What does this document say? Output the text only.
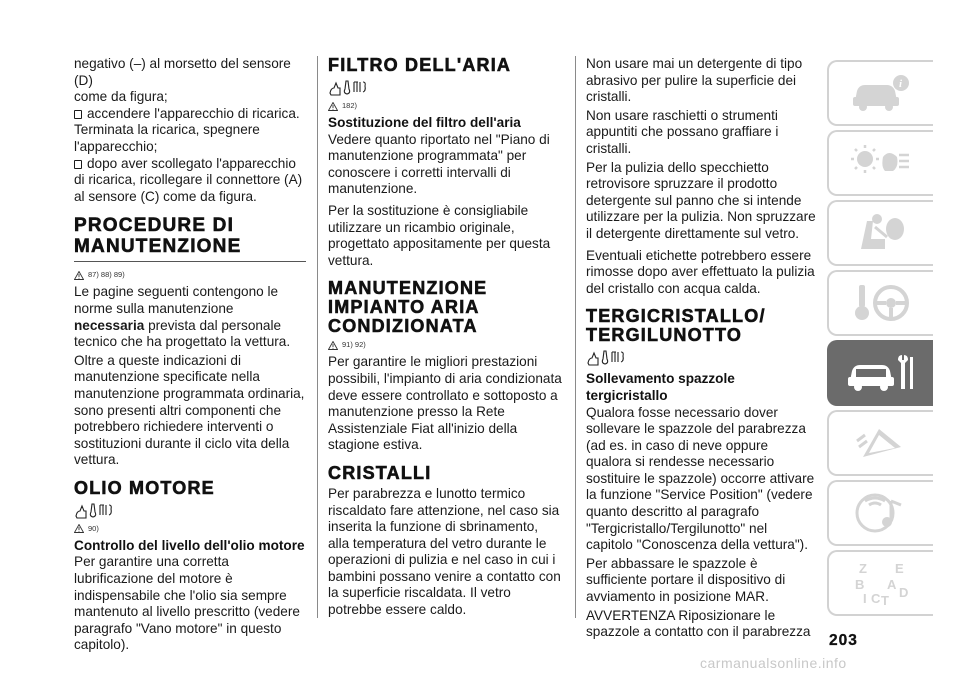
negativo (–) al morsetto del sensore (D)
come da figura;
accendere l'apparecchio di ricarica.
Terminata la ricarica, spegnere l'apparecchio;
dopo aver scollegato l'apparecchio
di ricarica, ricollegare il connettore (A) al sensore (C) come da figura.

PROCEDURE DI
MANUTENZIONE
87) 88) 89)

Le pagine seguenti contengono le norme sulla manutenzione necessaria prevista dal personale tecnico che ha progettato la vettura.

Oltre a queste indicazioni di manutenzione specificate nella manutenzione programmata ordinaria, sono presenti altri componenti che potrebbero richiedere interventi o sostituzioni durante il ciclo vita della vettura.

OLIO MOTORE
90)
Controllo del livello dell'olio motore

Per garantire una corretta lubrificazione del motore è indispensabile che l'olio sia sempre mantenuto al livello prescritto (vedere paragrafo "Vano motore" in questo capitolo).

FILTRO DELL'ARIA
182)
Sostituzione del filtro dell'aria

Vedere quanto riportato nel "Piano di manutenzione programmata" per conoscere i corretti intervalli di manutenzione.

Per la sostituzione è consigliabile utilizzare un ricambio originale, progettato appositamente per questa vettura.

MANUTENZIONE IMPIANTO ARIA CONDIZIONATA
91) 92)

Per garantire le migliori prestazioni possibili, l'impianto di aria condizionata deve essere controllato e sottoposto a manutenzione presso la Rete Assistenziale Fiat all'inizio della stagione estiva.

CRISTALLI

Per parabrezza e lunotto termico riscaldato fare attenzione, nel caso sia inserita la funzione di sbrinamento, alla temperatura del vetro durante le operazioni di pulizia e nel caso in cui i bambini possano venire a contatto con la superficie riscaldata. Il vetro potrebbe essere caldo.

Non usare mai un detergente di tipo abrasivo per pulire la superficie dei cristalli.

Non usare raschietti o strumenti appuntiti che possano graffiare i cristalli.

Per la pulizia dello specchietto retrovisore spruzzare il prodotto detergente sul panno che si intende utilizzare per la pulizia. Non spruzzare il detergente direttamente sul vetro.

Eventuali etichette potrebbero essere rimosse dopo aver effettuato la pulizia del cristallo con acqua calda.

TERGICRISTALLO/ TERGILUNOTTO
Sollevamento spazzole tergicristallo

Qualora fosse necessario dover sollevare le spazzole del parabrezza (ad es. in caso di neve oppure qualora si rendesse necessario sostituire le spazzole) occorre attivare la funzione "Service Position" (vedere quanto descritto al paragrafo "Tergicristallo/Tergilunotto" nel capitolo "Conoscenza della vettura").

Per abbassare le spazzole è sufficiente portare il dispositivo di avviamento in posizione MAR.

AVVERTENZA Riposizionare le spazzole a contatto con il parabrezza

i
Z E
B A
I C T
D
203
carmanualsonline.info
